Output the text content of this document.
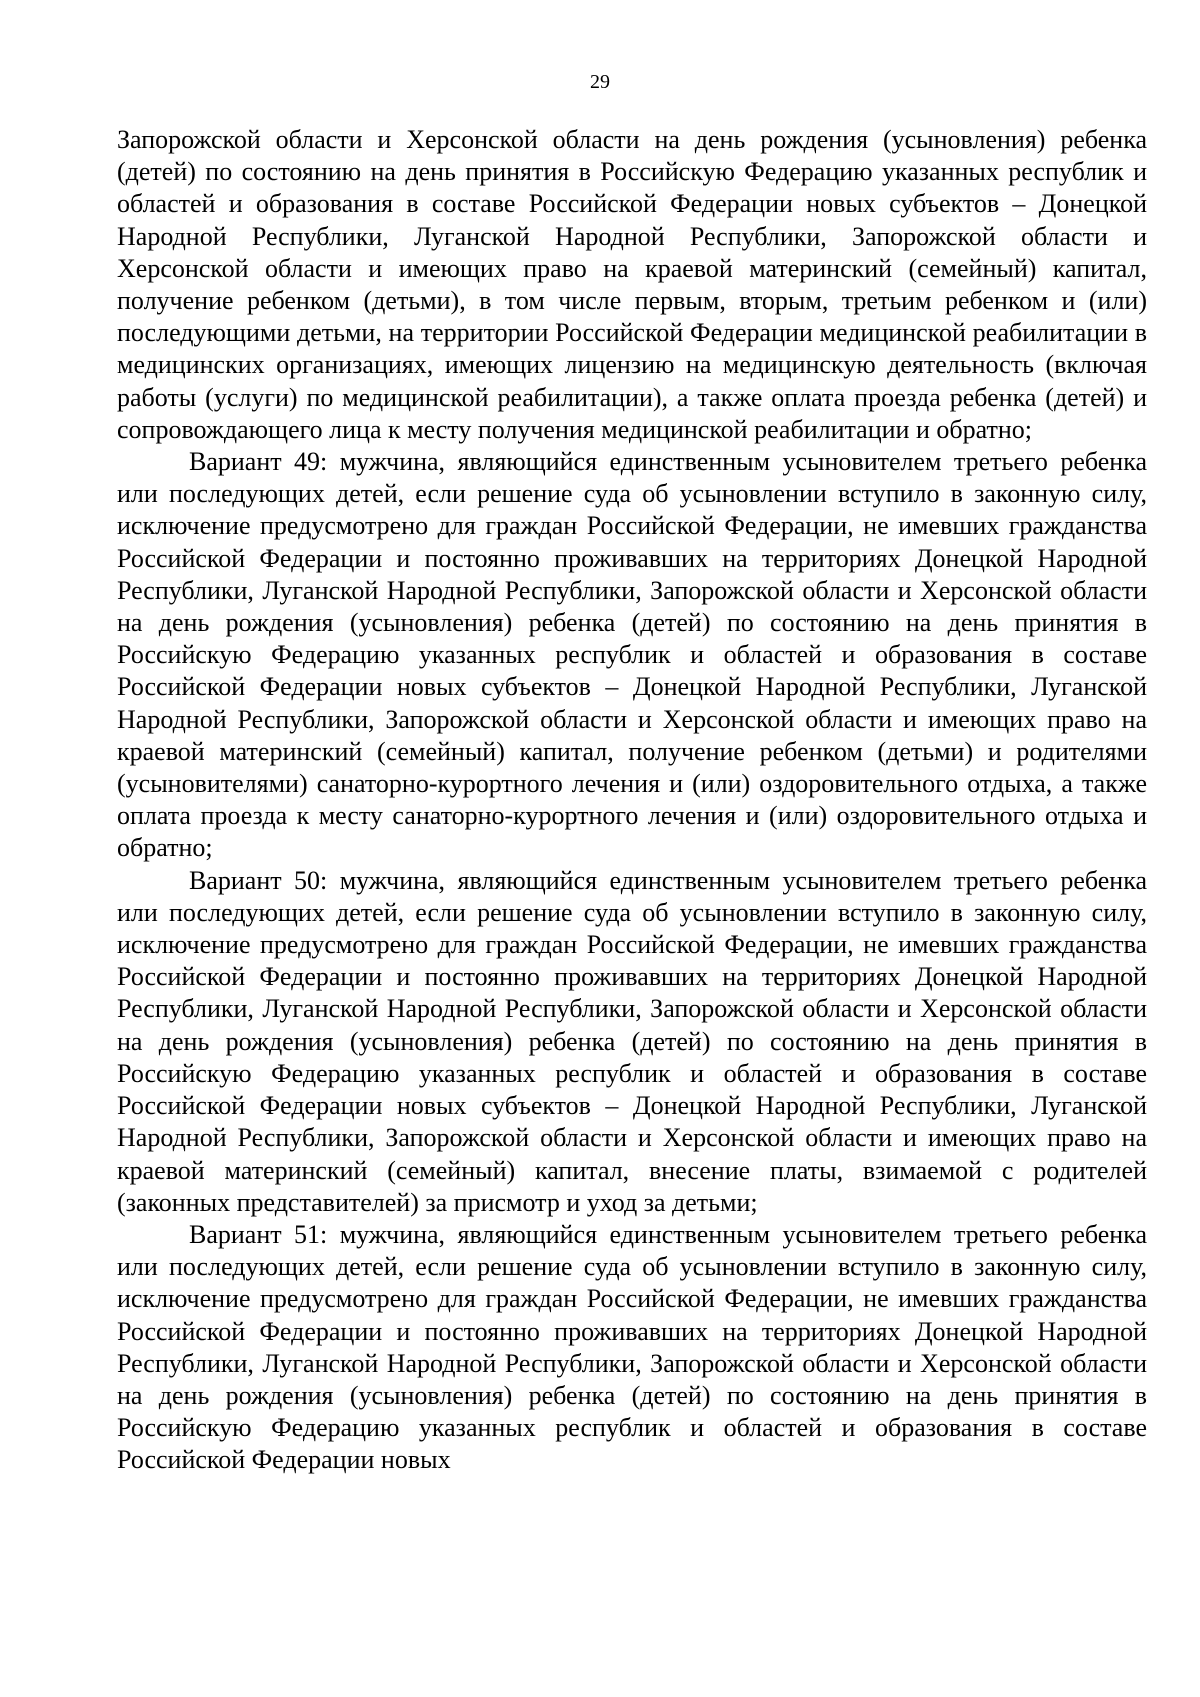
29

Запорожской области и Херсонской области на день рождения (усыновления) ребенка (детей) по состоянию на день принятия в Российскую Федерацию указанных республик и областей и образования в составе Российской Федерации новых субъектов – Донецкой Народной Республики, Луганской Народной Республики, Запорожской области и Херсонской области и имеющих право на краевой материнский (семейный) капитал, получение ребенком (детьми), в том числе первым, вторым, третьим ребенком и (или) последующими детьми, на территории Российской Федерации медицинской реабилитации в медицинских организациях, имеющих лицензию на медицинскую деятельность (включая работы (услуги) по медицинской реабилитации), а также оплата проезда ребенка (детей) и сопровождающего лица к месту получения медицинской реабилитации и обратно;

Вариант 49: мужчина, являющийся единственным усыновителем третьего ребенка или последующих детей, если решение суда об усыновлении вступило в законную силу, исключение предусмотрено для граждан Российской Федерации, не имевших гражданства Российской Федерации и постоянно проживавших на территориях Донецкой Народной Республики, Луганской Народной Республики, Запорожской области и Херсонской области на день рождения (усыновления) ребенка (детей) по состоянию на день принятия в Российскую Федерацию указанных республик и областей и образования в составе Российской Федерации новых субъектов – Донецкой Народной Республики, Луганской Народной Республики, Запорожской области и Херсонской области и имеющих право на краевой материнский (семейный) капитал, получение ребенком (детьми) и родителями (усыновителями) санаторно-курортного лечения и (или) оздоровительного отдыха, а также оплата проезда к месту санаторно-курортного лечения и (или) оздоровительного отдыха и обратно;

Вариант 50: мужчина, являющийся единственным усыновителем третьего ребенка или последующих детей, если решение суда об усыновлении вступило в законную силу, исключение предусмотрено для граждан Российской Федерации, не имевших гражданства Российской Федерации и постоянно проживавших на территориях Донецкой Народной Республики, Луганской Народной Республики, Запорожской области и Херсонской области на день рождения (усыновления) ребенка (детей) по состоянию на день принятия в Российскую Федерацию указанных республик и областей и образования в составе Российской Федерации новых субъектов – Донецкой Народной Республики, Луганской Народной Республики, Запорожской области и Херсонской области и имеющих право на краевой материнский (семейный) капитал, внесение платы, взимаемой с родителей (законных представителей) за присмотр и уход за детьми;

Вариант 51: мужчина, являющийся единственным усыновителем третьего ребенка или последующих детей, если решение суда об усыновлении вступило в законную силу, исключение предусмотрено для граждан Российской Федерации, не имевших гражданства Российской Федерации и постоянно проживавших на территориях Донецкой Народной Республики, Луганской Народной Республики, Запорожской области и Херсонской области на день рождения (усыновления) ребенка (детей) по состоянию на день принятия в Российскую Федерацию указанных республик и областей и образования в составе Российской Федерации новых
